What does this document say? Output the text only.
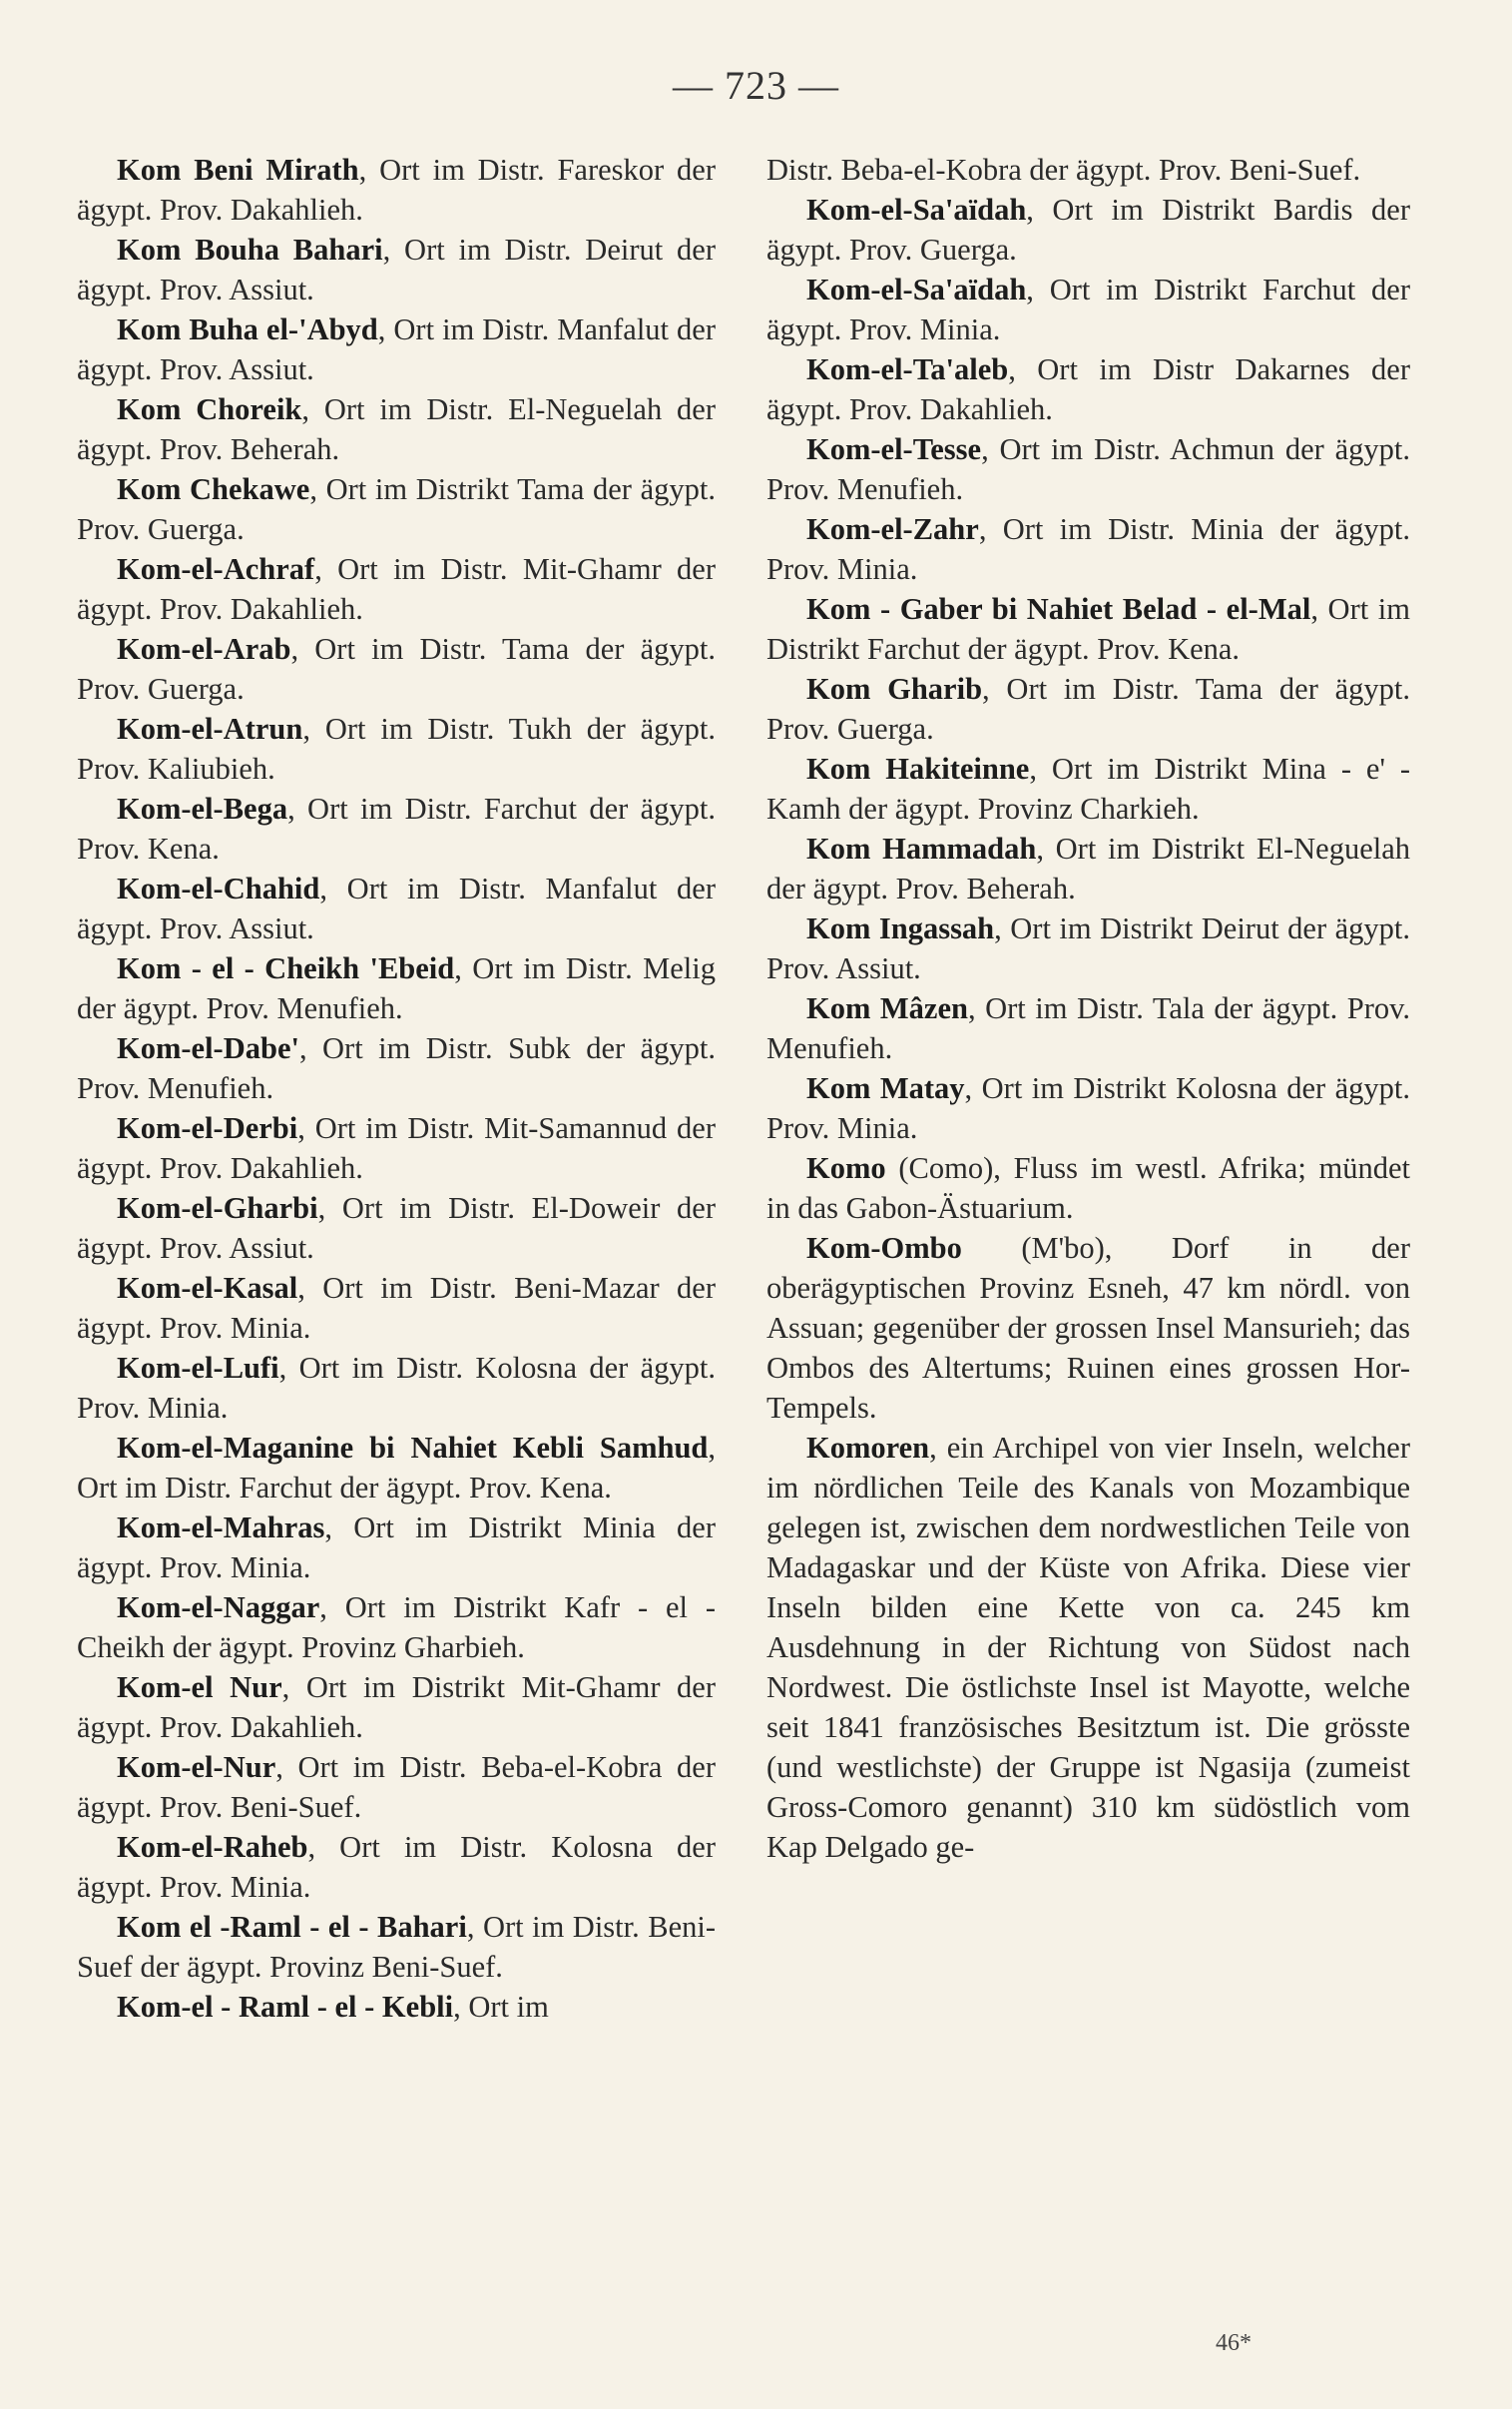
— 723 —

Kom Beni Mirath, Ort im Distr. Fareskor der ägypt. Prov. Dakahlieh.

Kom Bouha Bahari, Ort im Distr. Deirut der ägypt. Prov. Assiut.

Kom Buha el-'Abyd, Ort im Distr. Manfalut der ägypt. Prov. Assiut.

Kom Choreik, Ort im Distr. El-Neguelah der ägypt. Prov. Beherah.

Kom Chekawe, Ort im Distrikt Tama der ägypt. Prov. Guerga.

Kom-el-Achraf, Ort im Distr. Mit-Ghamr der ägypt. Prov. Dakahlieh.

Kom-el-Arab, Ort im Distr. Tama der ägypt. Prov. Guerga.

Kom-el-Atrun, Ort im Distr. Tukh der ägypt. Prov. Kaliubieh.

Kom-el-Bega, Ort im Distr. Farchut der ägypt. Prov. Kena.

Kom-el-Chahid, Ort im Distr. Manfalut der ägypt. Prov. Assiut.

Kom - el - Cheikh 'Ebeid, Ort im Distr. Melig der ägypt. Prov. Menufieh.

Kom-el-Dabe', Ort im Distr. Subk der ägypt. Prov. Menufieh.

Kom-el-Derbi, Ort im Distr. Mit-Samannud der ägypt. Prov. Dakahlieh.

Kom-el-Gharbi, Ort im Distr. El-Doweir der ägypt. Prov. Assiut.

Kom-el-Kasal, Ort im Distr. Beni-Mazar der ägypt. Prov. Minia.

Kom-el-Lufi, Ort im Distr. Kolosna der ägypt. Prov. Minia.

Kom-el-Maganine bi Nahiet Kebli Samhud, Ort im Distr. Farchut der ägypt. Prov. Kena.

Kom-el-Mahras, Ort im Distrikt Minia der ägypt. Prov. Minia.

Kom-el-Naggar, Ort im Distrikt Kafr - el - Cheikh der ägypt. Provinz Gharbieh.

Kom-el Nur, Ort im Distrikt Mit-Ghamr der ägypt. Prov. Dakahlieh.

Kom-el-Nur, Ort im Distr. Beba-el-Kobra der ägypt. Prov. Beni-Suef.

Kom-el-Raheb, Ort im Distr. Kolosna der ägypt. Prov. Minia.

Kom el -Raml - el - Bahari, Ort im Distr. Beni-Suef der ägypt. Provinz Beni-Suef.

Kom-el - Raml - el - Kebli, Ort im

Distr. Beba-el-Kobra der ägypt. Prov. Beni-Suef.

Kom-el-Sa'aïdah, Ort im Distrikt Bardis der ägypt. Prov. Guerga.

Kom-el-Sa'aïdah, Ort im Distrikt Farchut der ägypt. Prov. Minia.

Kom-el-Ta'aleb, Ort im Distr Dakarnes der ägypt. Prov. Dakahlieh.

Kom-el-Tesse, Ort im Distr. Achmun der ägypt. Prov. Menufieh.

Kom-el-Zahr, Ort im Distr. Minia der ägypt. Prov. Minia.

Kom - Gaber bi Nahiet Belad - el-Mal, Ort im Distrikt Farchut der ägypt. Prov. Kena.

Kom Gharib, Ort im Distr. Tama der ägypt. Prov. Guerga.

Kom Hakiteinne, Ort im Distrikt Mina - e' - Kamh der ägypt. Provinz Charkieh.

Kom Hammadah, Ort im Distrikt El-Neguelah der ägypt. Prov. Beherah.

Kom Ingassah, Ort im Distrikt Deirut der ägypt. Prov. Assiut.

Kom Mâzen, Ort im Distr. Tala der ägypt. Prov. Menufieh.

Kom Matay, Ort im Distrikt Kolosna der ägypt. Prov. Minia.

Komo (Como), Fluss im westl. Afrika; mündet in das Gabon-Ästuarium.

Kom-Ombo (M'bo), Dorf in der oberägyptischen Provinz Esneh, 47 km nördl. von Assuan; gegenüber der grossen Insel Mansurieh; das Ombos des Altertums; Ruinen eines grossen Hor-Tempels.

Komoren, ein Archipel von vier Inseln, welcher im nördlichen Teile des Kanals von Mozambique gelegen ist, zwischen dem nordwestlichen Teile von Madagaskar und der Küste von Afrika. Diese vier Inseln bilden eine Kette von ca. 245 km Ausdehnung in der Richtung von Südost nach Nordwest. Die östlichste Insel ist Mayotte, welche seit 1841 französisches Besitztum ist. Die grösste (und westlichste) der Gruppe ist Ngasija (zumeist Gross-Comoro genannt) 310 km südöstlich vom Kap Delgado ge-

46*
